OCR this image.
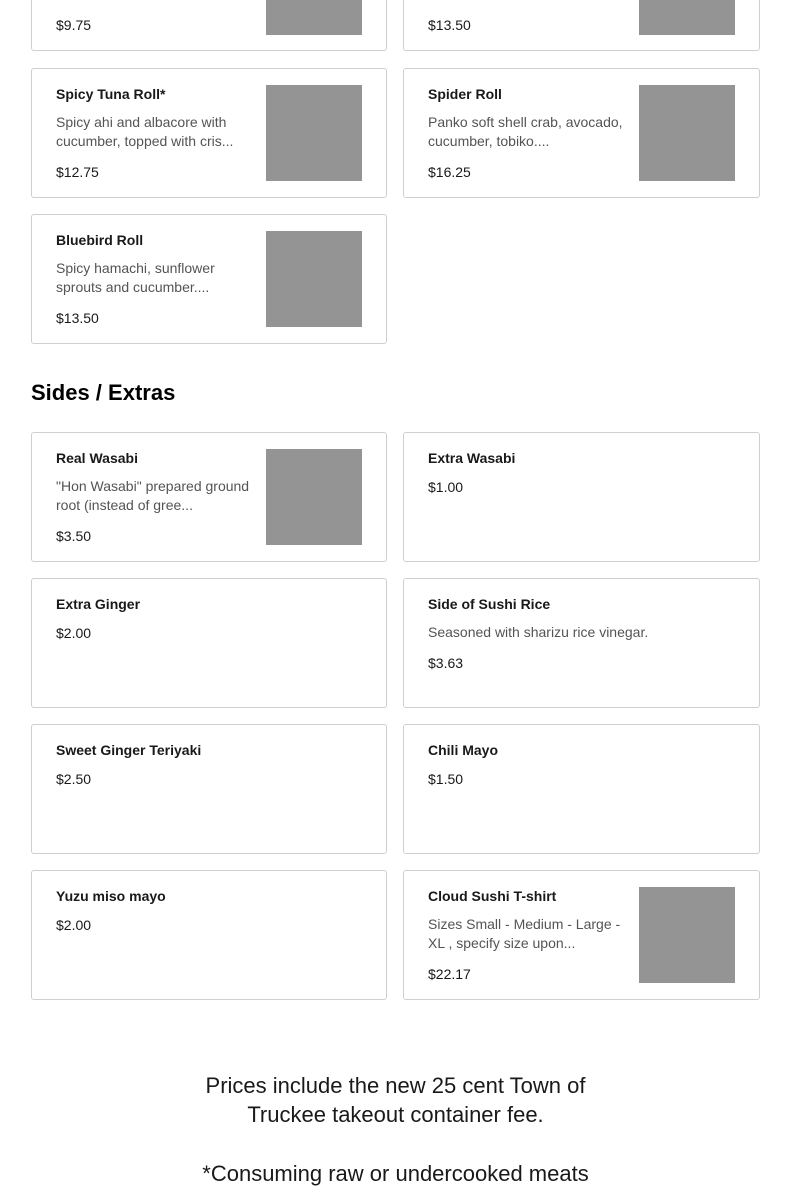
$9.75	$13.50
Spicy Tuna Roll*
Spicy ahi and albacore with cucumber, topped with cris...
$12.75
Spider Roll
Panko soft shell crab, avocado, cucumber, tobiko....
$16.25
Bluebird Roll
Spicy hamachi, sunflower sprouts and cucumber....
$13.50
Sides / Extras
Real Wasabi
"Hon Wasabi" prepared ground root (instead of gree...
$3.50
Extra Wasabi
$1.00
Extra Ginger
$2.00
Side of Sushi Rice
Seasoned with sharizu rice vinegar.
$3.63
Sweet Ginger Teriyaki
$2.50
Chili Mayo
$1.50
Yuzu miso mayo
$2.00
Cloud Sushi T-shirt
Sizes Small - Medium - Large - XL , specify size upon...
$22.17
Prices include the new 25 cent Town of
Truckee takeout container fee.
*Consuming raw or undercooked meats
